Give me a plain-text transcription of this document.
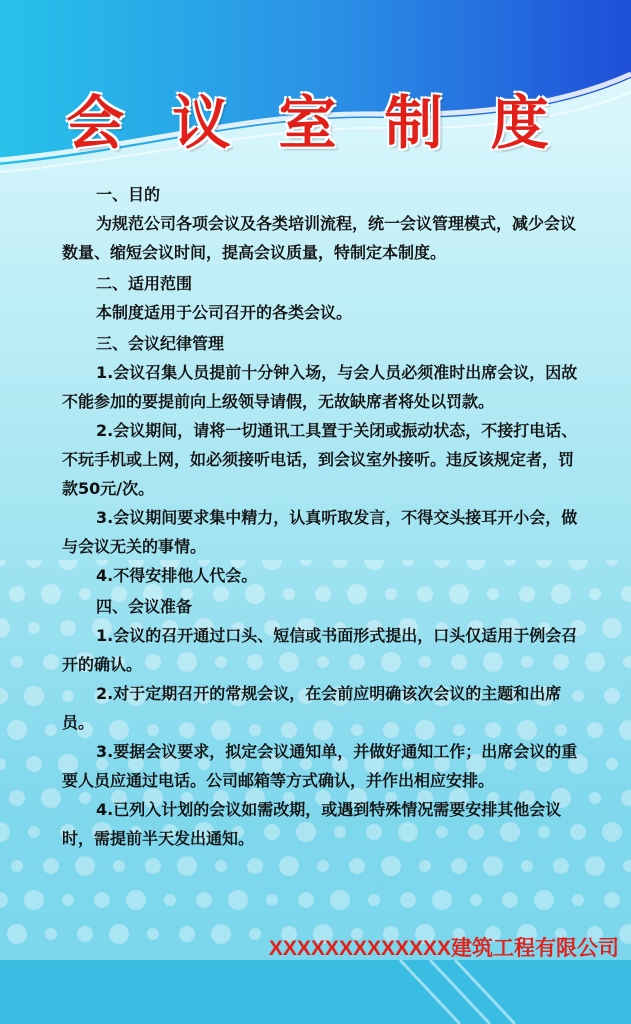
会 议 室 制 度
一、目的

为规范公司各项会议及各类培训流程，统一会议管理模式，减少会议数量、缩短会议时间，提高会议质量，特制定本制度。

二、适用范围

本制度适用于公司召开的各类会议。

三、会议纪律管理

1.会议召集人员提前十分钟入场，与会人员必须准时出席会议，因故不能参加的要提前向上级领导请假，无故缺席者将处以罚款。

2.会议期间，请将一切通讯工具置于关闭或振动状态，不接打电话、不玩手机或上网，如必须接听电话，到会议室外接听。违反该规定者，罚款50元/次。

3.会议期间要求集中精力，认真听取发言，不得交头接耳开小会，做与会议无关的事情。

4.不得安排他人代会。

四、会议准备

1.会议的召开通过口头、短信或书面形式提出，口头仅适用于例会召开的确认。

2.对于定期召开的常规会议，在会前应明确该次会议的主题和出席员。

3.要据会议要求，拟定会议通知单，并做好通知工作；出席会议的重要人员应通过电话。公司邮箱等方式确认，并作出相应安排。

4.已列入计划的会议如需改期，或遇到特殊情况需要安排其他会议时，需提前半天发出通知。

XXXXXXXXXXXXX建筑工程有限公司
